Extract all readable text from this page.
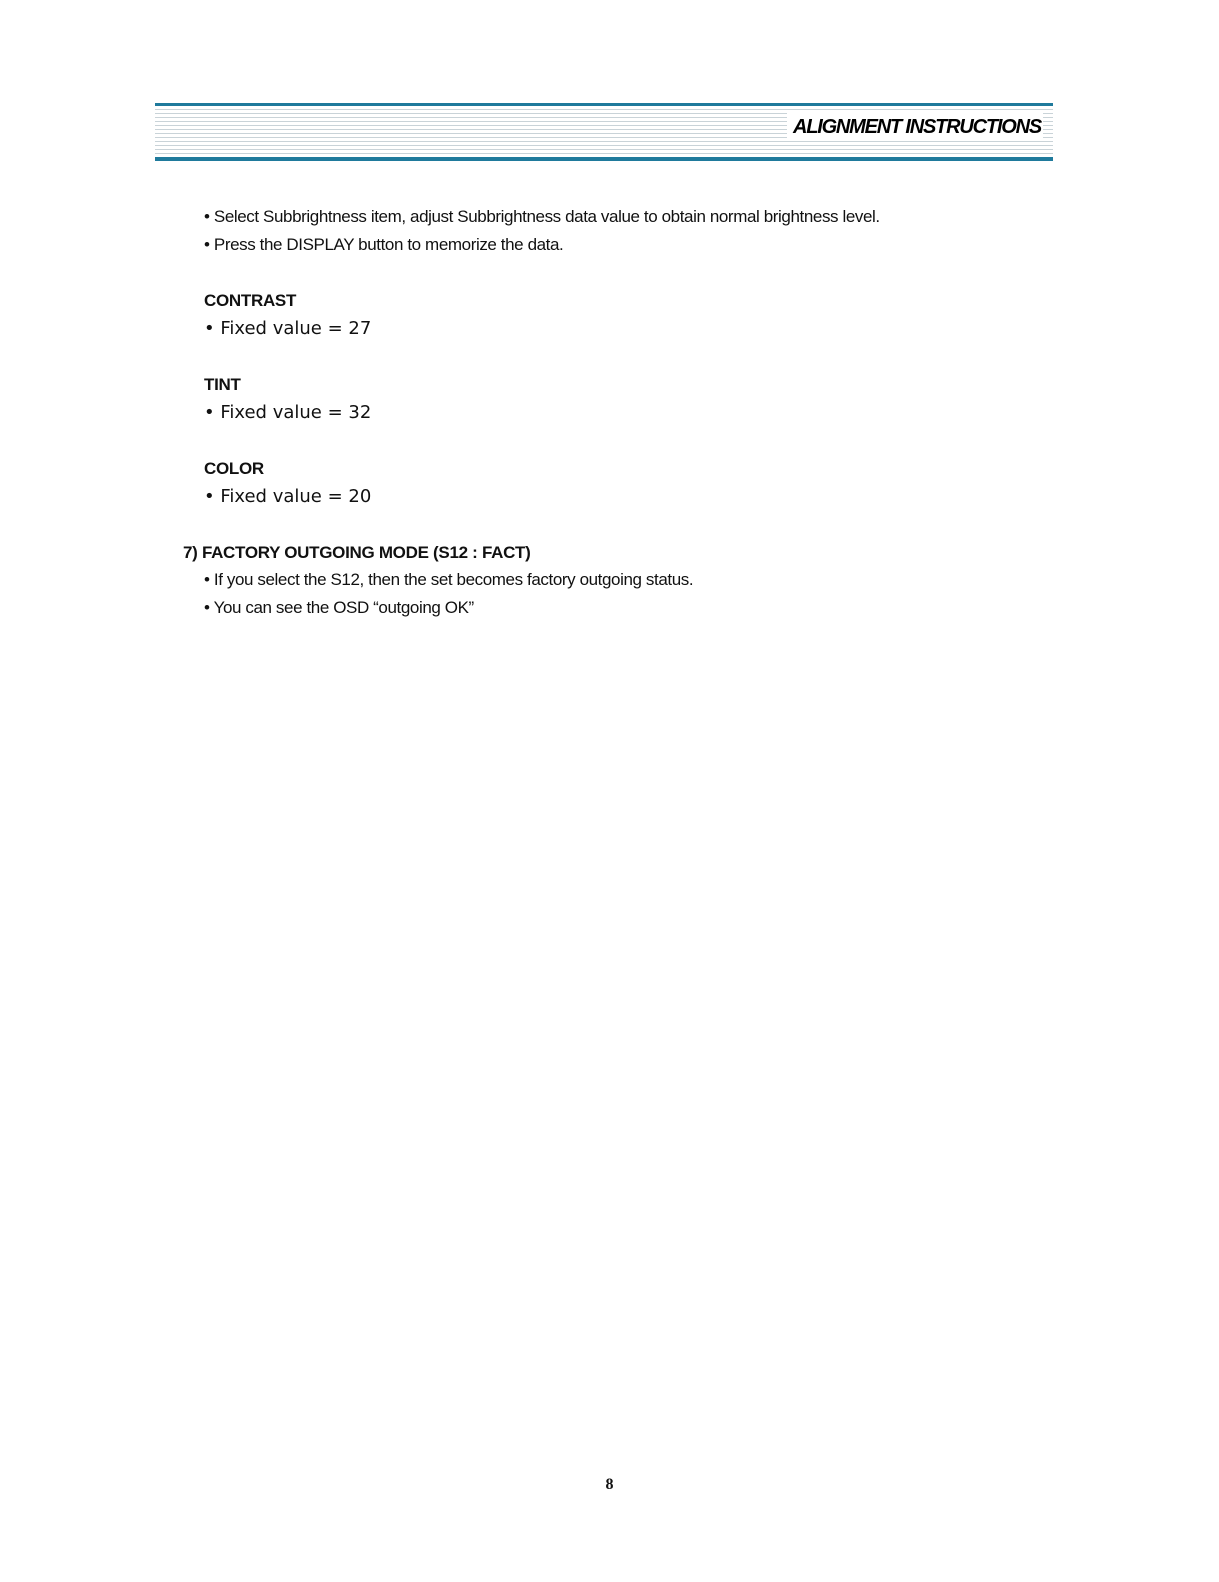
ALIGNMENT INSTRUCTIONS
• Select Subbrightness item, adjust Subbrightness data value to obtain normal brightness level.
• Press the DISPLAY button to memorize the data.
CONTRAST
• Fixed value = 27
TINT
• Fixed value = 32
COLOR
• Fixed value = 20
7) FACTORY OUTGOING MODE (S12 : FACT)
• If you select the S12, then the set becomes factory outgoing status.
• You can see the OSD “outgoing OK”
8
